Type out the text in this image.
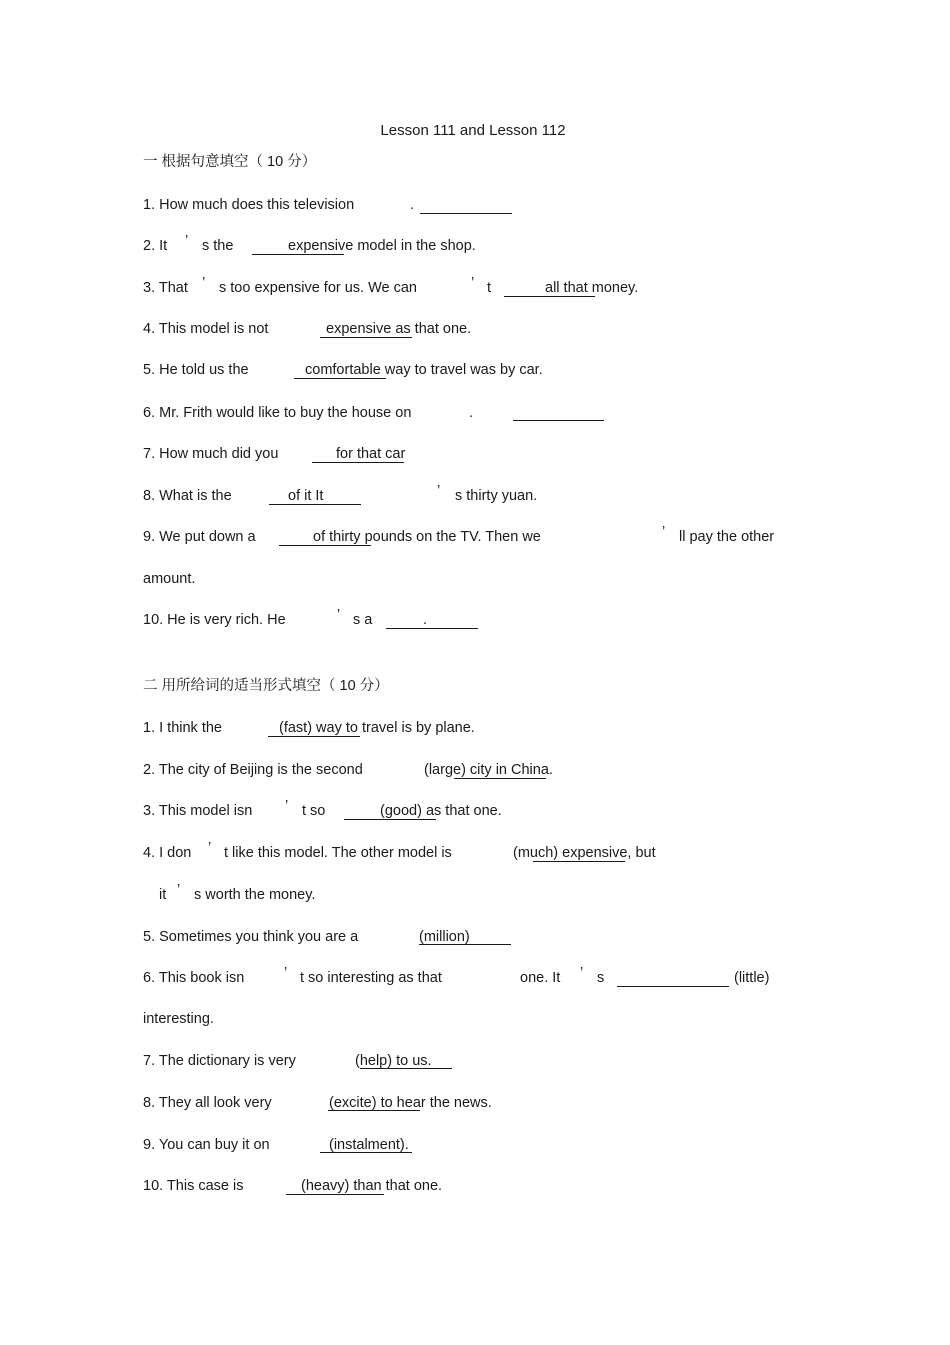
Lesson 111 and Lesson 112
一 根据句意填空（ 10 分）
1. How much does this television	.
2. It ’ s the	expensive model in the shop.
3. That ’ s too expensive for us. We can	’ t	all that money.
4. This model is not	expensive as that one.
5. He told us the	comfortable way to travel was by car.
6. Mr. Frith would like to buy the house on	.
7. How much did you	for that car
8. What is the	of it It	’ s thirty yuan.
9. We put down a	of thirty pounds on the TV. Then we	’ ll pay the other
amount.
10. He is very rich. He	’ s a	.
二 用所给词的适当形式填空（ 10 分）
1. I think the	(fast) way to travel is by plane.
2. The city of Beijing is the second	(large) city in China.
3. This model isn ’ t so	(good) as that one.
4. I don ’ t like this model. The other model is	(much) expensive, but
it ’ s worth the money.
5. Sometimes you think you are a	(million)
6. This book isn	’ t so interesting as that	one. It ’ s	(little)
interesting.
7. The dictionary is very	(help) to us.
8. They all look very	(excite) to hear the news.
9. You can buy it on	(instalment).
10. This case is	(heavy) than that one.
